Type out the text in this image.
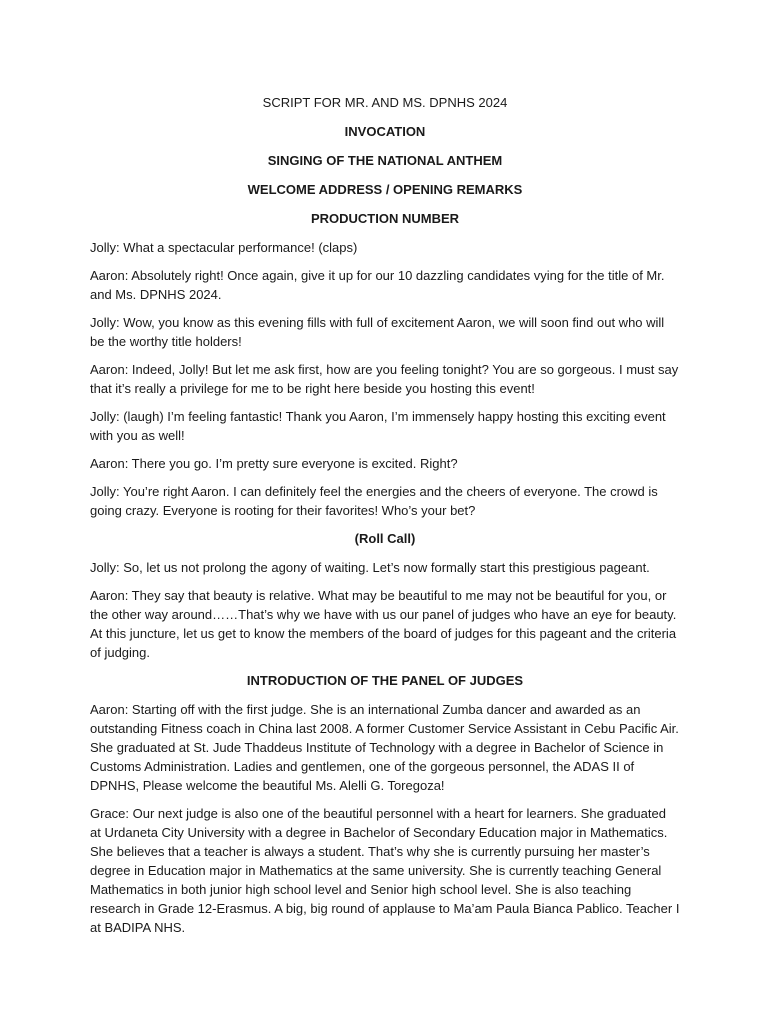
SCRIPT FOR MR. AND MS. DPNHS 2024

INVOCATION

SINGING OF THE NATIONAL ANTHEM

WELCOME ADDRESS / OPENING REMARKS

PRODUCTION NUMBER

Jolly: What a spectacular performance! (claps)

Aaron: Absolutely right! Once again, give it up for our 10 dazzling candidates vying for the title of Mr. and Ms. DPNHS 2024.

Jolly: Wow, you know as this evening fills with full of excitement Aaron, we will soon find out who will be the worthy title holders!

Aaron: Indeed, Jolly! But let me ask first, how are you feeling tonight? You are so gorgeous. I must say that it’s really a privilege for me to be right here beside you hosting this event!

Jolly: (laugh) I’m feeling fantastic! Thank you Aaron, I’m immensely happy hosting this exciting event with you as well!

Aaron: There you go. I’m pretty sure everyone is excited. Right?

Jolly: You’re right Aaron. I can definitely feel the energies and the cheers of everyone. The crowd is going crazy. Everyone is rooting for their favorites! Who’s your bet?

(Roll Call)

Jolly: So, let us not prolong the agony of waiting. Let’s now formally start this prestigious pageant.

Aaron: They say that beauty is relative. What may be beautiful to me may not be beautiful for you, or the other way around……That’s why we have with us our panel of judges who have an eye for beauty. At this juncture, let us get to know the members of the board of judges for this pageant and the criteria of judging.

INTRODUCTION OF THE PANEL OF JUDGES

Aaron: Starting off with the first judge. She is an international Zumba dancer and awarded as an outstanding Fitness coach in China last 2008. A former Customer Service Assistant in Cebu Pacific Air. She graduated at St. Jude Thaddeus Institute of Technology with a degree in Bachelor of Science in Customs Administration. Ladies and gentlemen, one of the gorgeous personnel, the ADAS II of DPNHS, Please welcome the beautiful Ms. Alelli G. Toregoza!

Grace: Our next judge is also one of the beautiful personnel with a heart for learners. She graduated at Urdaneta City University with a degree in Bachelor of Secondary Education major in Mathematics. She believes that a teacher is always a student. That’s why she is currently pursuing her master’s degree in Education major in Mathematics at the same university. She is currently teaching General Mathematics in both junior high school level and Senior high school level. She is also teaching research in Grade 12-Erasmus. A big, big round of applause to Ma’am Paula Bianca Pablico. Teacher I at BADIPA NHS.
